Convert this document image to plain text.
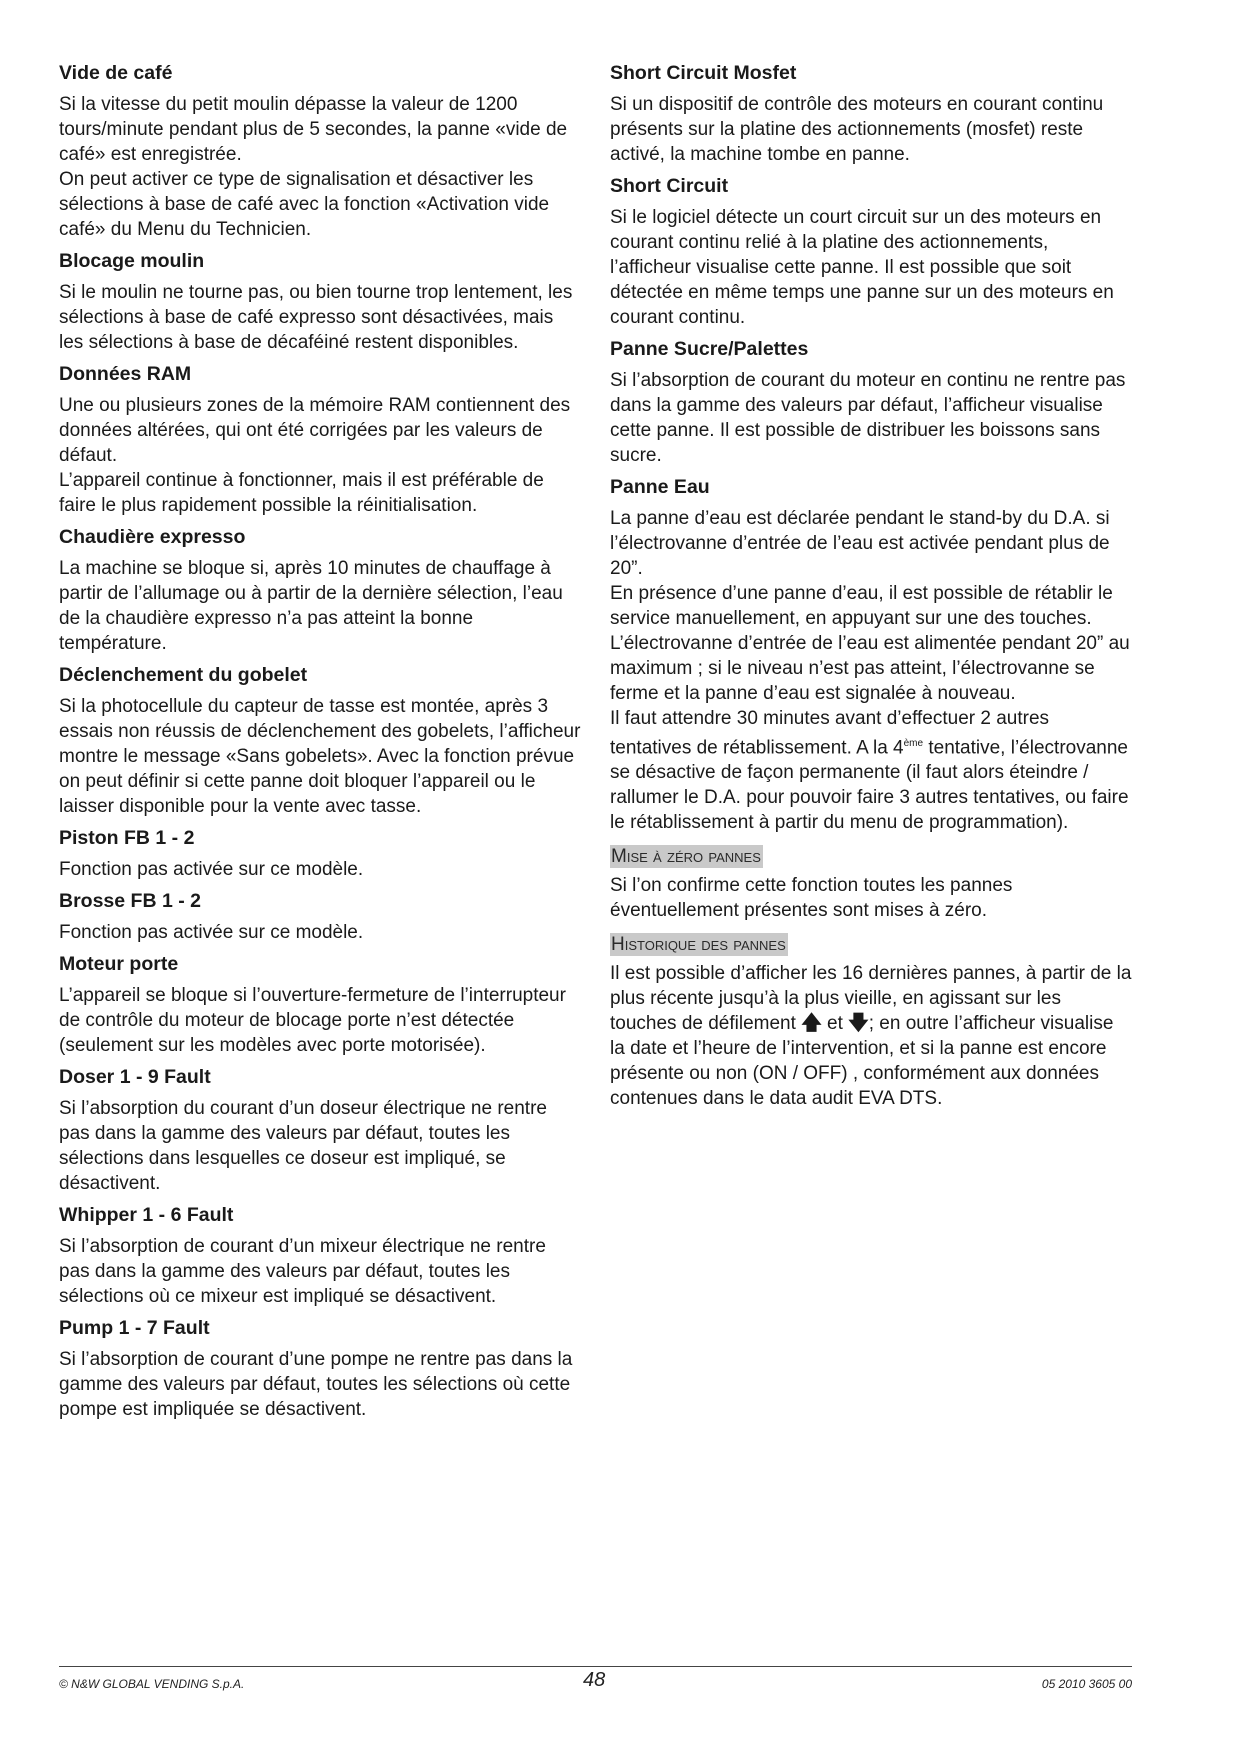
Vide de café

Si la vitesse du petit moulin dépasse la valeur de 1200 tours/minute pendant plus de 5 secondes, la panne «vide de café» est enregistrée.

On peut activer ce type de signalisation et désactiver les sélections à base de café avec la fonction «Activation vide café» du Menu du Technicien.

Blocage moulin

Si le moulin ne tourne pas, ou bien tourne trop lentement, les sélections à base de café expresso sont désactivées, mais les sélections à base de décaféiné restent disponibles.

Données RAM

Une ou plusieurs zones de la mémoire RAM contiennent des données altérées, qui ont été corrigées par les valeurs de défaut.

L’appareil continue à fonctionner, mais il est préférable de faire le plus rapidement possible la réinitialisation.

Chaudière expresso

La machine se bloque si, après 10 minutes de chauffage à partir de l’allumage ou à partir de la dernière sélection, l’eau de la chaudière expresso n’a pas atteint la bonne température.

Déclenchement du gobelet

Si la photocellule du capteur de tasse est montée, après 3 essais non réussis de déclenchement des gobelets, l’afficheur montre le message «Sans gobelets». Avec la fonction prévue on peut définir si cette panne doit bloquer l’appareil ou le laisser disponible pour la vente avec tasse.

Piston FB 1 - 2

Fonction pas activée sur ce modèle.

Brosse FB 1 - 2

Fonction pas activée sur ce modèle.

Moteur porte

L’appareil se bloque si l’ouverture-fermeture de l’interrupteur de contrôle du moteur de blocage porte n’est détectée (seulement sur les modèles avec porte motorisée).

Doser 1 - 9 Fault

Si l’absorption du courant d’un doseur électrique ne rentre pas dans la gamme des valeurs par défaut, toutes les sélections dans lesquelles ce doseur est impliqué, se désactivent.

Whipper 1 - 6 Fault

Si l’absorption de courant d’un mixeur électrique ne rentre pas dans la gamme des valeurs par défaut, toutes les sélections où ce mixeur est impliqué se désactivent.

Pump 1 - 7 Fault

Si l’absorption de courant d’une pompe ne rentre pas dans la gamme des valeurs par défaut, toutes les sélections où cette pompe est impliquée se désactivent.

Short Circuit Mosfet

Si un dispositif de contrôle des moteurs en courant continu présents sur la platine des actionnements (mosfet) reste activé, la machine tombe en panne.

Short Circuit

Si le logiciel détecte un court circuit sur un des moteurs en courant continu relié à la platine des actionnements, l’afficheur visualise cette panne. Il est possible que soit détectée en même temps une panne sur un des moteurs en courant continu.

Panne Sucre/Palettes

Si l’absorption de courant du moteur en continu ne rentre pas dans la gamme des valeurs par défaut, l’afficheur visualise cette panne. Il est possible de distribuer les boissons sans sucre.

Panne Eau

La panne d’eau est déclarée pendant le stand-by du D.A. si l’électrovanne d’entrée de l’eau est activée pendant plus de 20”.

En présence d’une panne d’eau, il est possible de rétablir le service manuellement, en appuyant sur une des touches. L’électrovanne d’entrée de l’eau est alimentée pendant 20” au maximum ; si le niveau n’est pas atteint, l’électrovanne se ferme et la panne d’eau est signalée à nouveau.

Il faut attendre 30 minutes avant d’effectuer 2 autres tentatives de rétablissement. A la 4ème tentative, l’électrovanne se désactive de façon permanente (il faut alors éteindre / rallumer le D.A. pour pouvoir faire 3 autres tentatives, ou faire le rétablissement à partir du menu de programmation).

Mise à zéro pannes

Si l’on confirme cette fonction toutes les pannes éventuellement présentes sont mises à zéro.

Historique des pannes

Il est possible d’afficher les 16 dernières pannes, à partir de la plus récente jusqu’à la plus vieille, en agissant sur les touches de défilement 🡅 et 🡇; en outre l’afficheur visualise la date et l’heure de l’intervention, et si la panne est encore présente ou non (ON / OFF) , conformément aux données contenues dans le data audit EVA DTS.

© N&W GLOBAL VENDING S.p.A.	48	05 2010 3605 00
